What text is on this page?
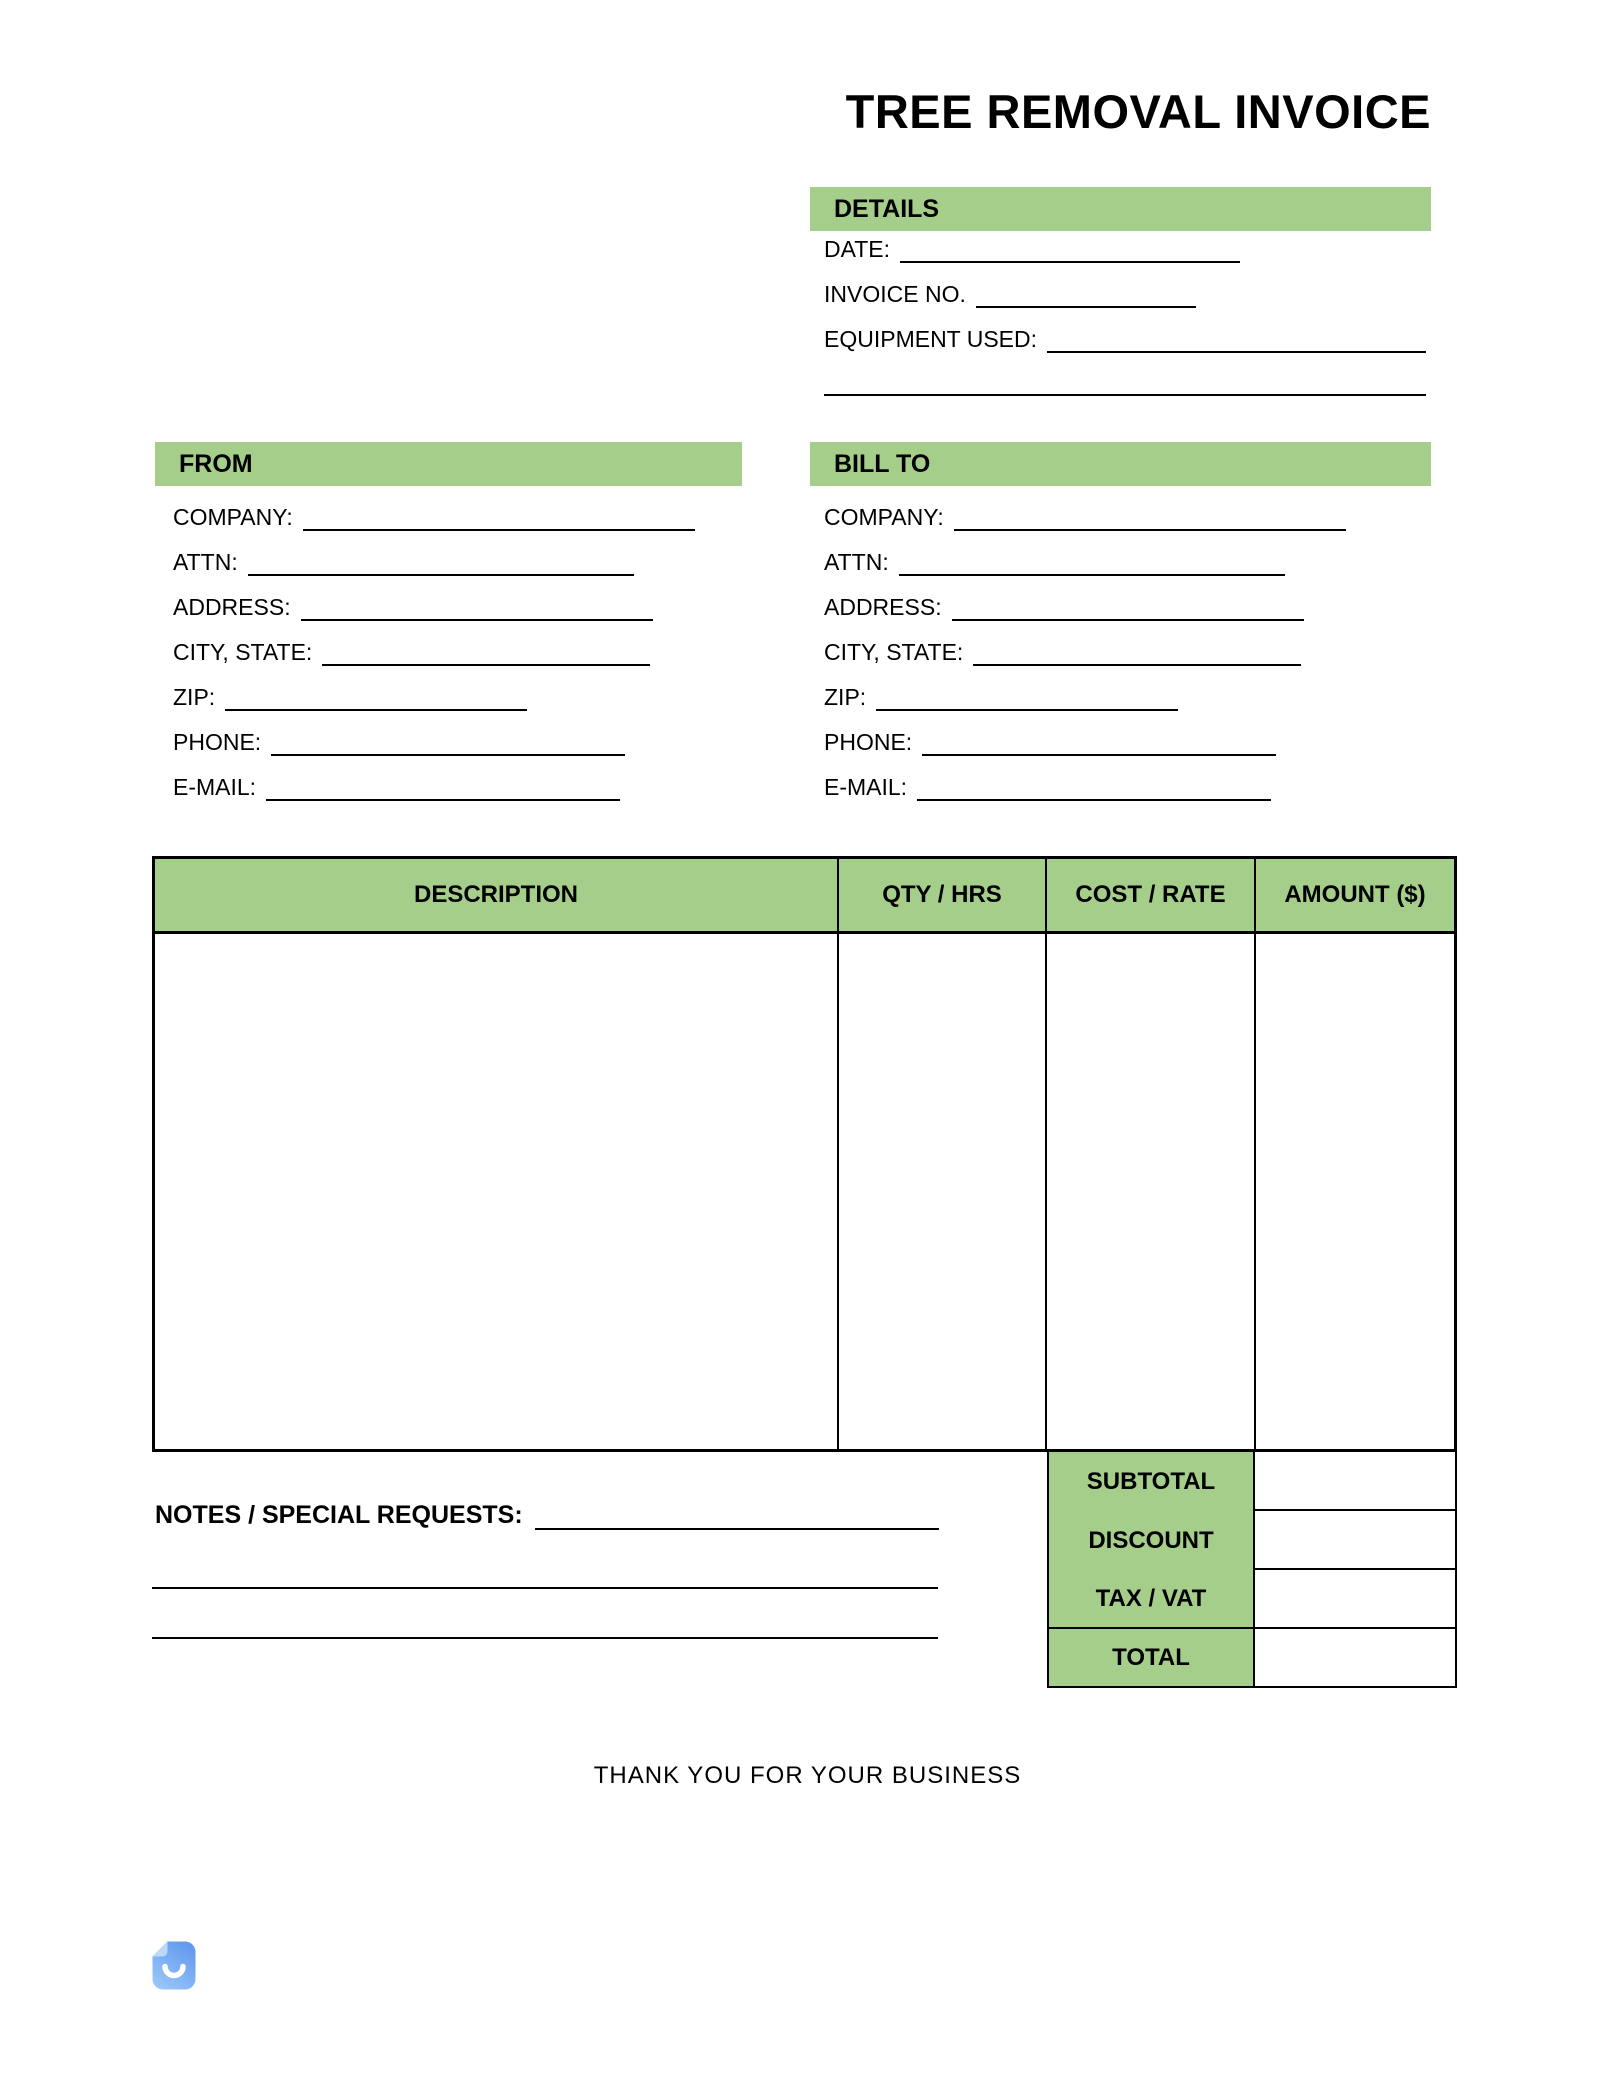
TREE REMOVAL INVOICE
DETAILS
DATE:
INVOICE NO.
EQUIPMENT USED:
FROM
COMPANY:
ATTN:
ADDRESS:
CITY, STATE:
ZIP:
PHONE:
E-MAIL:
BILL TO
COMPANY:
ATTN:
ADDRESS:
CITY, STATE:
ZIP:
PHONE:
E-MAIL:
DESCRIPTION	QTY / HRS	COST / RATE	AMOUNT ($)
SUBTOTAL
DISCOUNT
TAX / VAT
TOTAL
NOTES / SPECIAL REQUESTS:
THANK YOU FOR YOUR BUSINESS
